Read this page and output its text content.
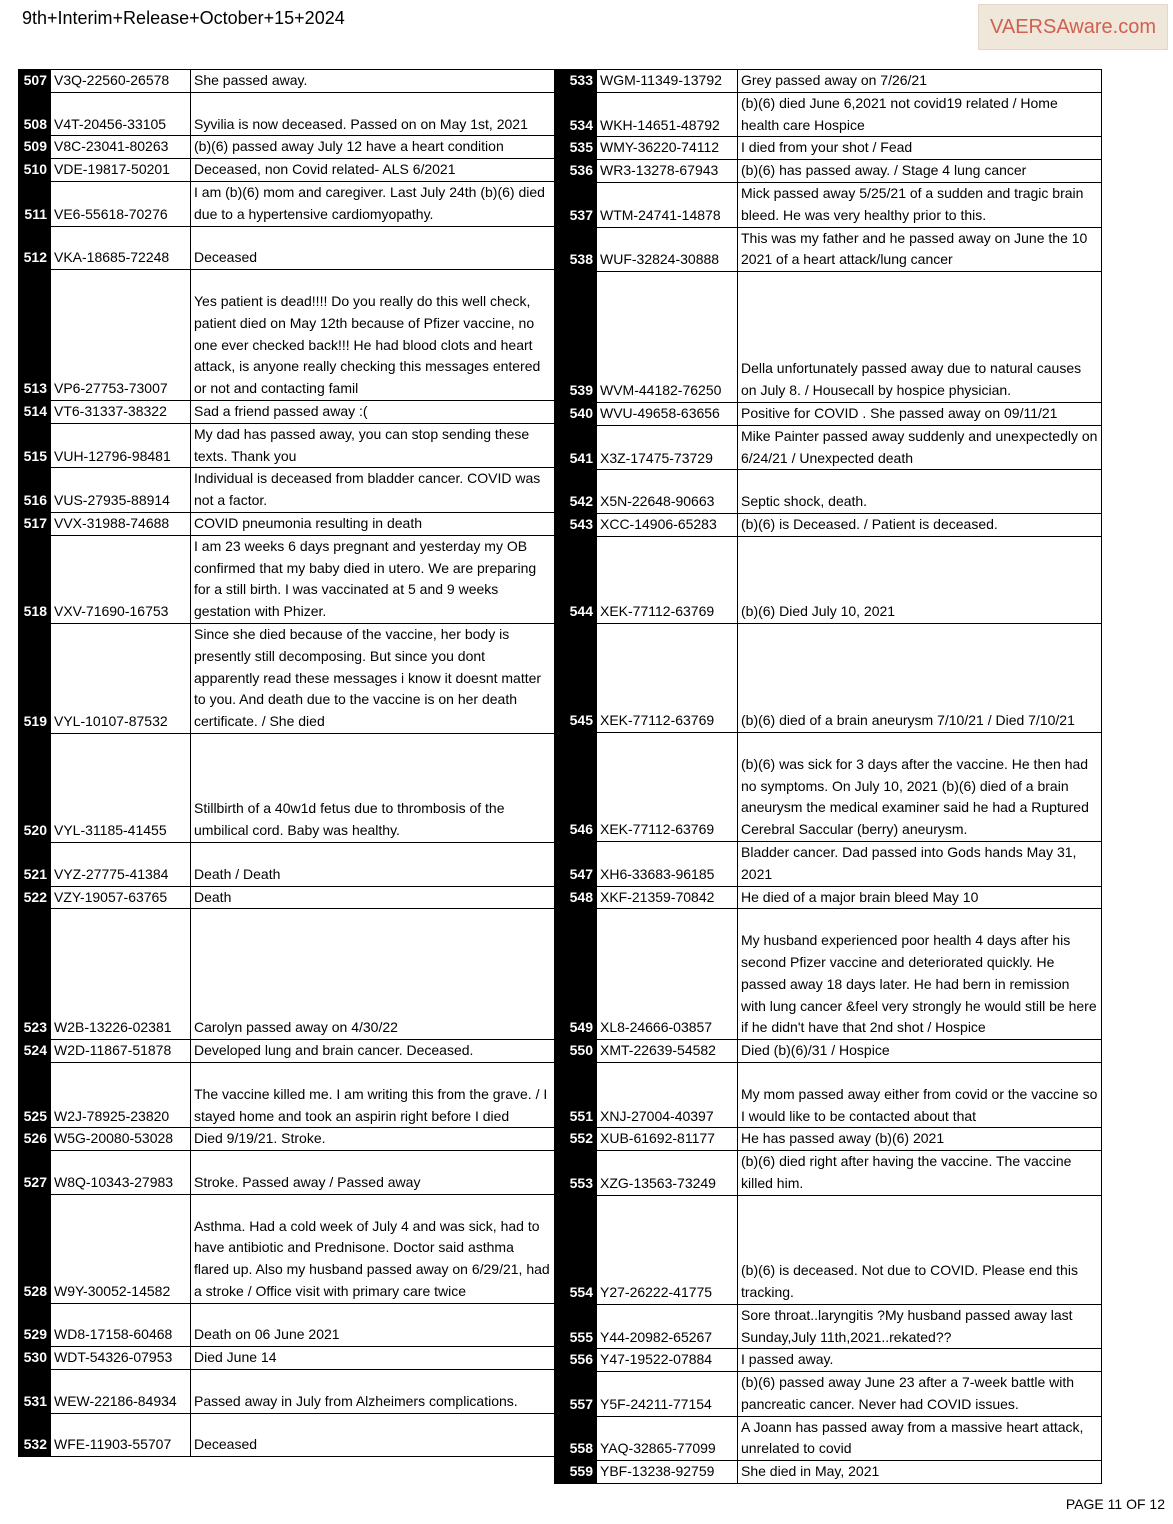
9th+Interim+Release+October+15+2024	VAERSAware.com
507	V3Q-22560-26578	She passed away.
508	V4T-20456-33105	Syvilia is now deceased. Passed on on May 1st, 2021
509	V8C-23041-80263	(b)(6) passed away July 12 have a heart condition
510	VDE-19817-50201	Deceased, non Covid related- ALS 6/2021
511	VE6-55618-70276	I am (b)(6) mom and caregiver. Last July 24th (b)(6) died due to a hypertensive cardiomyopathy.
512	VKA-18685-72248	Deceased
513	VP6-27753-73007	Yes patient is dead!!!! Do you really do this well check, patient died on May 12th because of Pfizer vaccine, no one ever checked back!!! He had blood clots and heart attack, is anyone really checking this messages entered or not and contacting famil
514	VT6-31337-38322	Sad a friend passed away :(
515	VUH-12796-98481	My dad has passed away, you can stop sending these texts. Thank you
516	VUS-27935-88914	Individual is deceased from bladder cancer. COVID was not a factor.
517	VVX-31988-74688	COVID pneumonia resulting in death
518	VXV-71690-16753	I am 23 weeks 6 days pregnant and yesterday my OB confirmed that my baby died in utero. We are preparing for a still birth. I was vaccinated at 5 and 9 weeks gestation with Phizer.
519	VYL-10107-87532	Since she died because of the vaccine, her body is presently still decomposing. But since you dont apparently read these messages i know it doesnt matter to you. And death due to the vaccine is on her death certificate. / She died
520	VYL-31185-41455	Stillbirth of a 40w1d fetus due to thrombosis of the umbilical cord. Baby was healthy.
521	VYZ-27775-41384	Death / Death
522	VZY-19057-63765	Death
523	W2B-13226-02381	Carolyn passed away on 4/30/22
524	W2D-11867-51878	Developed lung and brain cancer. Deceased.
525	W2J-78925-23820	The vaccine killed me. I am writing this from the grave. / I stayed home and took an aspirin right before I died
526	W5G-20080-53028	Died 9/19/21. Stroke.
527	W8Q-10343-27983	Stroke. Passed away / Passed away
528	W9Y-30052-14582	Asthma. Had a cold week of July 4 and was sick, had to have antibiotic and Prednisone. Doctor said asthma flared up. Also my husband passed away on 6/29/21, had a stroke / Office visit with primary care twice
529	WD8-17158-60468	Death on 06 June 2021
530	WDT-54326-07953	Died June 14
531	WEW-22186-84934	Passed away in July from Alzheimers complications.
532	WFE-11903-55707	Deceased
533	WGM-11349-13792	Grey passed away on 7/26/21
534	WKH-14651-48792	(b)(6) died June 6,2021 not covid19 related / Home health care Hospice
535	WMY-36220-74112	I died from your shot / Fead
536	WR3-13278-67943	(b)(6) has passed away. / Stage 4 lung cancer
537	WTM-24741-14878	Mick passed away 5/25/21 of a sudden and tragic brain bleed. He was very healthy prior to this.
538	WUF-32824-30888	This was my father and he passed away on June the 10 2021 of a heart attack/lung cancer
539	WVM-44182-76250	Della unfortunately passed away due to natural causes on July 8. / Housecall by hospice physician.
540	WVU-49658-63656	Positive for COVID . She passed away on 09/11/21
541	X3Z-17475-73729	Mike Painter passed away suddenly and unexpectedly on 6/24/21 / Unexpected death
542	X5N-22648-90663	Septic shock, death.
543	XCC-14906-65283	(b)(6) is Deceased. / Patient is deceased.
544	XEK-77112-63769	(b)(6) Died July 10, 2021
545	XEK-77112-63769	(b)(6) died of a brain aneurysm 7/10/21 / Died 7/10/21
546	XEK-77112-63769	(b)(6) was sick for 3 days after the vaccine. He then had no symptoms. On July 10, 2021 (b)(6) died of a brain aneurysm the medical examiner said he had a Ruptured Cerebral Saccular (berry) aneurysm.
547	XH6-33683-96185	Bladder cancer. Dad passed into Gods hands May 31, 2021
548	XKF-21359-70842	He died of a major brain bleed May 10
549	XL8-24666-03857	My husband experienced poor health 4 days after his second Pfizer vaccine and deteriorated quickly. He passed away 18 days later. He had bern in remission with lung cancer &feel very strongly he would still be here if he didn't have that 2nd shot / Hospice
550	XMT-22639-54582	Died (b)(6)/31 / Hospice
551	XNJ-27004-40397	My mom passed away either from covid or the vaccine so I would like to be contacted about that
552	XUB-61692-81177	He has passed away (b)(6) 2021
553	XZG-13563-73249	(b)(6) died right after having the vaccine. The vaccine killed him.
554	Y27-26222-41775	(b)(6) is deceased. Not due to COVID. Please end this tracking.
555	Y44-20982-65267	Sore throat..laryngitis ?My husband passed away last Sunday,July 11th,2021..rekated??
556	Y47-19522-07884	I passed away.
557	Y5F-24211-77154	(b)(6) passed away June 23 after a 7-week battle with pancreatic cancer. Never had COVID issues.
558	YAQ-32865-77099	A Joann has passed away from a massive heart attack, unrelated to covid
559	YBF-13238-92759	She died in May, 2021
PAGE 11 OF 12
